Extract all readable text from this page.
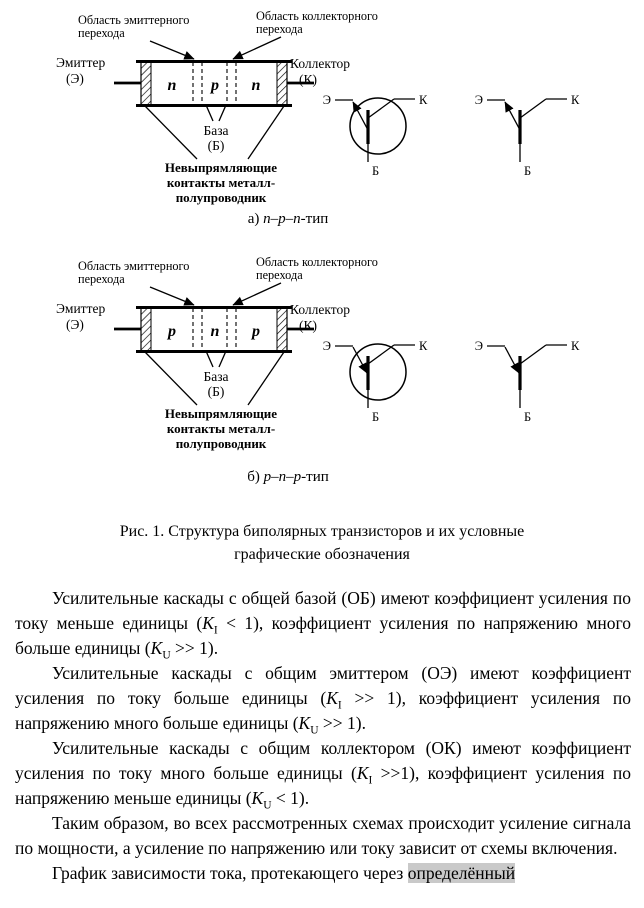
Область эмиттерного
перехода
Область коллекторного
перехода
Эмиттер
(Э)
Коллектор
(К)
n p n
База
(Б)
Невыпрямляющие
контакты металл-
полупроводник
Э	К
Б
Э	К
Б
а) n–p–n-тип
Область эмиттерного
перехода
Область коллекторного
перехода
Эмиттер
(Э)
Коллектор
(К)
p n p
База
(Б)
Невыпрямляющие
контакты металл-
полупроводник
Э	К
Б
Э	К
Б
б) p–n–p-тип
Рис. 1. Структура биполярных транзисторов и их условные
графические обозначения

Усилительные каскады с общей базой (ОБ) имеют коэффициент усиления по току меньше единицы $(K_I < 1)$, коэффициент усиления по напряжению много больше единицы $(K_U >> 1)$.

Усилительные каскады с общим эмиттером (ОЭ) имеют коэффициент усиления по току больше единицы $(K_I >> 1)$, коэффициент усиления по напряжению много больше единицы $(K_U >> 1)$.

Усилительные каскады с общим коллектором (ОК) имеют коэффициент усиления по току много больше единицы $(K_I >>1)$, коэффициент усиления по напряжению меньше единицы $(K_U < 1)$.

Таким образом, во всех рассмотренных схемах происходит усиление сигнала по мощности, а усиление по напряжению или току зависит от схемы включения.

График зависимости тока, протекающего через определённый
